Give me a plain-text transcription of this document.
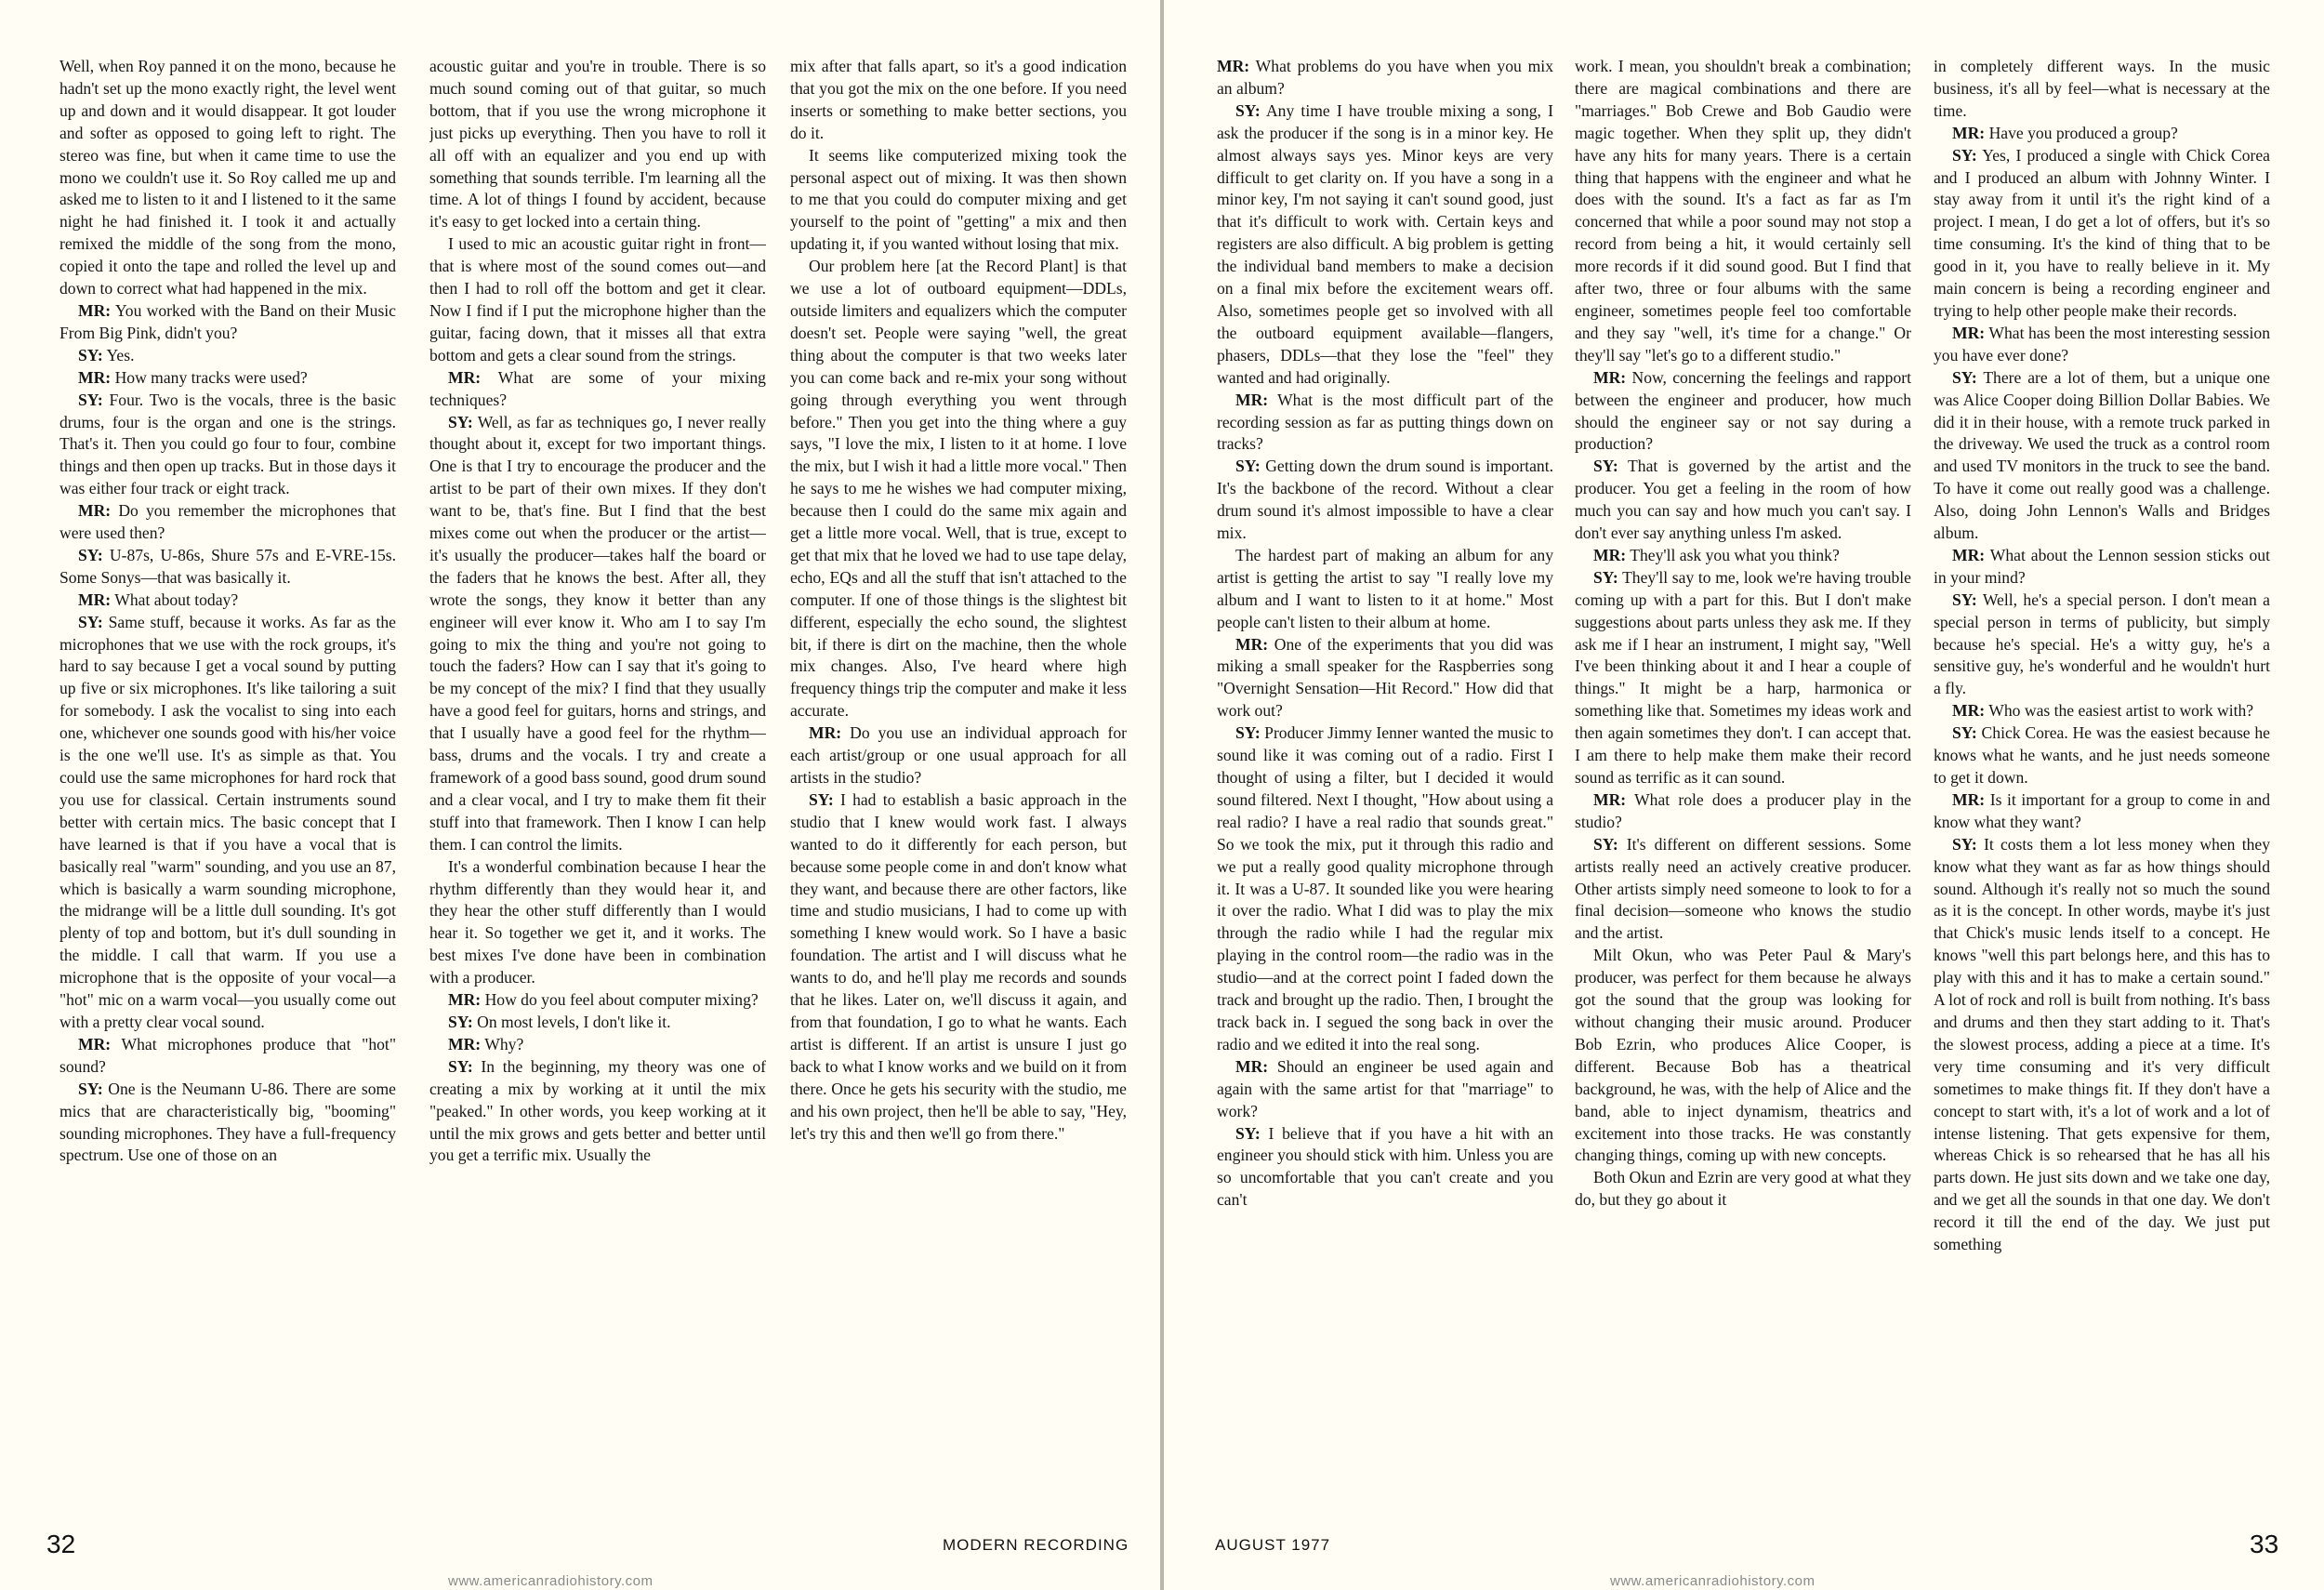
Well, when Roy panned it on the mono, because he hadn't set up the mono exactly right, the level went up and down and it would disappear. It got louder and softer as opposed to going left to right. The stereo was fine, but when it came time to use the mono we couldn't use it. So Roy called me up and asked me to listen to it and I listened to it the same night he had finished it. I took it and actually remixed the middle of the song from the mono, copied it onto the tape and rolled the level up and down to correct what had happened in the mix.

MR: You worked with the Band on their Music From Big Pink, didn't you?

SY: Yes.

MR: How many tracks were used?

SY: Four. Two is the vocals, three is the basic drums, four is the organ and one is the strings. That's it. Then you could go four to four, combine things and then open up tracks. But in those days it was either four track or eight track.

MR: Do you remember the microphones that were used then?

SY: U-87s, U-86s, Shure 57s and E-VRE-15s. Some Sonys—that was basically it.

MR: What about today?

SY: Same stuff, because it works. As far as the microphones that we use with the rock groups, it's hard to say because I get a vocal sound by putting up five or six microphones. It's like tailoring a suit for somebody. I ask the vocalist to sing into each one, whichever one sounds good with his/her voice is the one we'll use. It's as simple as that. You could use the same microphones for hard rock that you use for classical. Certain instruments sound better with certain mics. The basic concept that I have learned is that if you have a vocal that is basically real "warm" sounding, and you use an 87, which is basically a warm sounding microphone, the midrange will be a little dull sounding. It's got plenty of top and bottom, but it's dull sounding in the middle. I call that warm. If you use a microphone that is the opposite of your vocal—a "hot" mic on a warm vocal—you usually come out with a pretty clear vocal sound.

MR: What microphones produce that "hot" sound?

SY: One is the Neumann U-86. There are some mics that are characteristically big, "booming" sounding microphones. They have a full-frequency spectrum. Use one of those on an

acoustic guitar and you're in trouble. There is so much sound coming out of that guitar, so much bottom, that if you use the wrong microphone it just picks up everything. Then you have to roll it all off with an equalizer and you end up with something that sounds terrible. I'm learning all the time. A lot of things I found by accident, because it's easy to get locked into a certain thing.

I used to mic an acoustic guitar right in front—that is where most of the sound comes out—and then I had to roll off the bottom and get it clear. Now I find if I put the microphone higher than the guitar, facing down, that it misses all that extra bottom and gets a clear sound from the strings.

MR: What are some of your mixing techniques?

SY: Well, as far as techniques go, I never really thought about it, except for two important things. One is that I try to encourage the producer and the artist to be part of their own mixes. If they don't want to be, that's fine. But I find that the best mixes come out when the producer or the artist—it's usually the producer—takes half the board or the faders that he knows the best. After all, they wrote the songs, they know it better than any engineer will ever know it. Who am I to say I'm going to mix the thing and you're not going to touch the faders? How can I say that it's going to be my concept of the mix? I find that they usually have a good feel for guitars, horns and strings, and that I usually have a good feel for the rhythm— bass, drums and the vocals. I try and create a framework of a good bass sound, good drum sound and a clear vocal, and I try to make them fit their stuff into that framework. Then I know I can help them. I can control the limits.

It's a wonderful combination because I hear the rhythm differently than they would hear it, and they hear the other stuff differently than I would hear it. So together we get it, and it works. The best mixes I've done have been in combination with a producer.

MR: How do you feel about computer mixing?

SY: On most levels, I don't like it.

MR: Why?

SY: In the beginning, my theory was one of creating a mix by working at it until the mix "peaked." In other words, you keep working at it until the mix grows and gets better and better until you get a terrific mix. Usually the

mix after that falls apart, so it's a good indication that you got the mix on the one before. If you need inserts or something to make better sections, you do it.

It seems like computerized mixing took the personal aspect out of mixing. It was then shown to me that you could do computer mixing and get yourself to the point of "getting" a mix and then updating it, if you wanted without losing that mix.

Our problem here [at the Record Plant] is that we use a lot of outboard equipment—DDLs, outside limiters and equalizers which the computer doesn't set. People were saying "well, the great thing about the computer is that two weeks later you can come back and re-mix your song without going through everything you went through before." Then you get into the thing where a guy says, "I love the mix, I listen to it at home. I love the mix, but I wish it had a little more vocal." Then he says to me he wishes we had computer mixing, because then I could do the same mix again and get a little more vocal. Well, that is true, except to get that mix that he loved we had to use tape delay, echo, EQs and all the stuff that isn't attached to the computer. If one of those things is the slightest bit different, especially the echo sound, the slightest bit, if there is dirt on the machine, then the whole mix changes. Also, I've heard where high frequency things trip the computer and make it less accurate.

MR: Do you use an individual approach for each artist/group or one usual approach for all artists in the studio?

SY: I had to establish a basic approach in the studio that I knew would work fast. I always wanted to do it differently for each person, but because some people come in and don't know what they want, and because there are other factors, like time and studio musicians, I had to come up with something I knew would work. So I have a basic foundation. The artist and I will discuss what he wants to do, and he'll play me records and sounds that he likes. Later on, we'll discuss it again, and from that foundation, I go to what he wants. Each artist is different. If an artist is unsure I just go back to what I know works and we build on it from there. Once he gets his security with the studio, me and his own project, then he'll be able to say, "Hey, let's try this and then we'll go from there."

32	MODERN RECORDING
www.americanradiohistory.com

MR: What problems do you have when you mix an album?

SY: Any time I have trouble mixing a song, I ask the producer if the song is in a minor key. He almost always says yes. Minor keys are very difficult to get clarity on. If you have a song in a minor key, I'm not saying it can't sound good, just that it's difficult to work with. Certain keys and registers are also difficult. A big problem is getting the individual band members to make a decision on a final mix before the excitement wears off. Also, sometimes people get so involved with all the outboard equipment available—flangers, phasers, DDLs—that they lose the "feel" they wanted and had originally.

MR: What is the most difficult part of the recording session as far as putting things down on tracks?

SY: Getting down the drum sound is important. It's the backbone of the record. Without a clear drum sound it's almost impossible to have a clear mix.

The hardest part of making an album for any artist is getting the artist to say "I really love my album and I want to listen to it at home." Most people can't listen to their album at home.

MR: One of the experiments that you did was miking a small speaker for the Raspberries song "Overnight Sensation—Hit Record." How did that work out?

SY: Producer Jimmy Ienner wanted the music to sound like it was coming out of a radio. First I thought of using a filter, but I decided it would sound filtered. Next I thought, "How about using a real radio? I have a real radio that sounds great." So we took the mix, put it through this radio and we put a really good quality microphone through it. It was a U-87. It sounded like you were hearing it over the radio. What I did was to play the mix through the radio while I had the regular mix playing in the control room—the radio was in the studio—and at the correct point I faded down the track and brought up the radio. Then, I brought the track back in. I segued the song back in over the radio and we edited it into the real song.

MR: Should an engineer be used again and again with the same artist for that "marriage" to work?

SY: I believe that if you have a hit with an engineer you should stick with him. Unless you are so uncomfortable that you can't create and you can't

work. I mean, you shouldn't break a combination; there are magical combinations and there are "marriages." Bob Crewe and Bob Gaudio were magic together. When they split up, they didn't have any hits for many years. There is a certain thing that happens with the engineer and what he does with the sound. It's a fact as far as I'm concerned that while a poor sound may not stop a record from being a hit, it would certainly sell more records if it did sound good. But I find that after two, three or four albums with the same engineer, sometimes people feel too comfortable and they say "well, it's time for a change." Or they'll say "let's go to a different studio."

MR: Now, concerning the feelings and rapport between the engineer and producer, how much should the engineer say or not say during a production?

SY: That is governed by the artist and the producer. You get a feeling in the room of how much you can say and how much you can't say. I don't ever say anything unless I'm asked.

MR: They'll ask you what you think?

SY: They'll say to me, look we're having trouble coming up with a part for this. But I don't make suggestions about parts unless they ask me. If they ask me if I hear an instrument, I might say, "Well I've been thinking about it and I hear a couple of things." It might be a harp, harmonica or something like that. Sometimes my ideas work and then again sometimes they don't. I can accept that. I am there to help make them make their record sound as terrific as it can sound.

MR: What role does a producer play in the studio?

SY: It's different on different sessions. Some artists really need an actively creative producer. Other artists simply need someone to look to for a final decision—someone who knows the studio and the artist.

Milt Okun, who was Peter Paul & Mary's producer, was perfect for them because he always got the sound that the group was looking for without changing their music around. Producer Bob Ezrin, who produces Alice Cooper, is different. Because Bob has a theatrical background, he was, with the help of Alice and the band, able to inject dynamism, theatrics and excitement into those tracks. He was constantly changing things, coming up with new concepts.

Both Okun and Ezrin are very good at what they do, but they go about it

in completely different ways. In the music business, it's all by feel—what is necessary at the time.

MR: Have you produced a group?

SY: Yes, I produced a single with Chick Corea and I produced an album with Johnny Winter. I stay away from it until it's the right kind of a project. I mean, I do get a lot of offers, but it's so time consuming. It's the kind of thing that to be good in it, you have to really believe in it. My main concern is being a recording engineer and trying to help other people make their records.

MR: What has been the most interesting session you have ever done?

SY: There are a lot of them, but a unique one was Alice Cooper doing Billion Dollar Babies. We did it in their house, with a remote truck parked in the driveway. We used the truck as a control room and used TV monitors in the truck to see the band. To have it come out really good was a challenge. Also, doing John Lennon's Walls and Bridges album.

MR: What about the Lennon session sticks out in your mind?

SY: Well, he's a special person. I don't mean a special person in terms of publicity, but simply because he's special. He's a witty guy, he's a sensitive guy, he's wonderful and he wouldn't hurt a fly.

MR: Who was the easiest artist to work with?

SY: Chick Corea. He was the easiest because he knows what he wants, and he just needs someone to get it down.

MR: Is it important for a group to come in and know what they want?

SY: It costs them a lot less money when they know what they want as far as how things should sound. Although it's really not so much the sound as it is the concept. In other words, maybe it's just that Chick's music lends itself to a concept. He knows "well this part belongs here, and this has to play with this and it has to make a certain sound." A lot of rock and roll is built from nothing. It's bass and drums and then they start adding to it. That's the slowest process, adding a piece at a time. It's very time consuming and it's very difficult sometimes to make things fit. If they don't have a concept to start with, it's a lot of work and a lot of intense listening. That gets expensive for them, whereas Chick is so rehearsed that he has all his parts down. He just sits down and we take one day, and we get all the sounds in that one day. We don't record it till the end of the day. We just put something

AUGUST 1977	33
www.americanradiohistory.com
